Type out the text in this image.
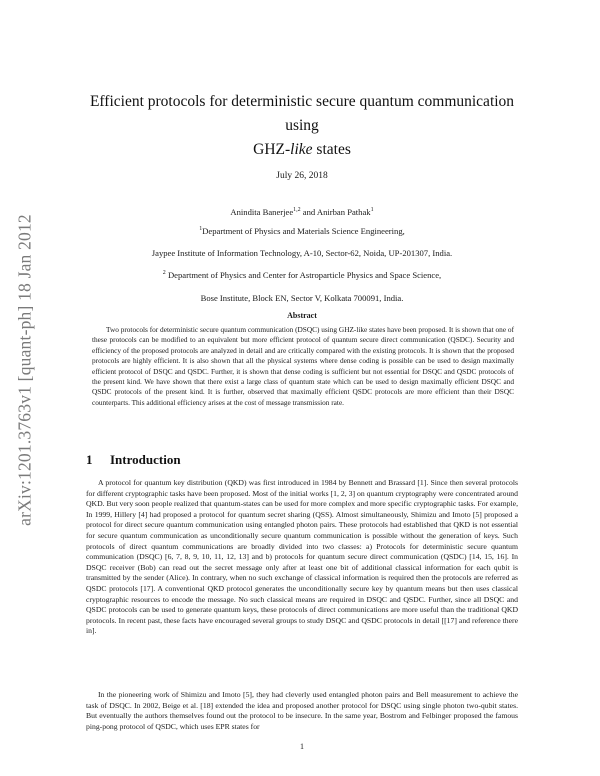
arXiv:1201.3763v1 [quant-ph] 18 Jan 2012
Efficient protocols for deterministic secure quantum communication using
GHZ-like states
July 26, 2018
Anindita Banerjee$^{1,2}$ and Anirban Pathak$^1$
$^1$Department of Physics and Materials Science Engineering,
Jaypee Institute of Information Technology, A-10, Sector-62, Noida, UP-201307, India.
$^2$ Department of Physics and Center for Astroparticle Physics and Space Science,
Bose Institute, Block EN, Sector V, Kolkata 700091, India.
Abstract
Two protocols for deterministic secure quantum communication (DSQC) using GHZ-like states have been proposed. It is shown that one of these protocols can be modified to an equivalent but more efficient protocol of quantum secure direct communication (QSDC). Security and efficiency of the proposed protocols are analyzed in detail and are critically compared with the existing protocols. It is shown that the proposed protocols are highly efficient. It is also shown that all the physical systems where dense coding is possible can be used to design maximally efficient protocol of DSQC and QSDC. Further, it is shown that dense coding is sufficient but not essential for DSQC and QSDC protocols of the present kind. We have shown that there exist a large class of quantum state which can be used to design maximally efficient DSQC and QSDC protocols of the present kind. It is further, observed that maximally efficient QSDC protocols are more efficient than their DSQC counterparts. This additional efficiency arises at the cost of message transmission rate.
1 Introduction
A protocol for quantum key distribution (QKD) was first introduced in 1984 by Bennett and Brassard [1]. Since then several protocols for different cryptographic tasks have been proposed. Most of the initial works [1, 2, 3] on quantum cryptography were concentrated around QKD. But very soon people realized that quantum-states can be used for more complex and more specific cryptographic tasks. For example, In 1999, Hillery [4] had proposed a protocol for quantum secret sharing (QSS). Almost simultaneously, Shimizu and Imoto [5] proposed a protocol for direct secure quantum communication using entangled photon pairs. These protocols had established that QKD is not essential for secure quantum communication as unconditionally secure quantum communication is possible without the generation of keys. Such protocols of direct quantum communications are broadly divided into two classes: a) Protocols for deterministic secure quantum communication (DSQC) [6, 7, 8, 9, 10, 11, 12, 13] and b) protocols for quantum secure direct communication (QSDC) [14, 15, 16]. In DSQC receiver (Bob) can read out the secret message only after at least one bit of additional classical information for each qubit is transmitted by the sender (Alice). In contrary, when no such exchange of classical information is required then the protocols are referred as QSDC protocols [17]. A conventional QKD protocol generates the unconditionally secure key by quantum means but then uses classical cryptographic resources to encode the message. No such classical means are required in DSQC and QSDC. Further, since all DSQC and QSDC protocols can be used to generate quantum keys, these protocols of direct communications are more useful than the traditional QKD protocols. In recent past, these facts have encouraged several groups to study DSQC and QSDC protocols in detail [[17] and reference there in].
In the pioneering work of Shimizu and Imoto [5], they had cleverly used entangled photon pairs and Bell measurement to achieve the task of DSQC. In 2002, Beige et al. [18] extended the idea and proposed another protocol for DSQC using single photon two-qubit states. But eventually the authors themselves found out the protocol to be insecure. In the same year, Bostrom and Felbinger proposed the famous ping-pong protocol of QSDC, which uses EPR states for
1
